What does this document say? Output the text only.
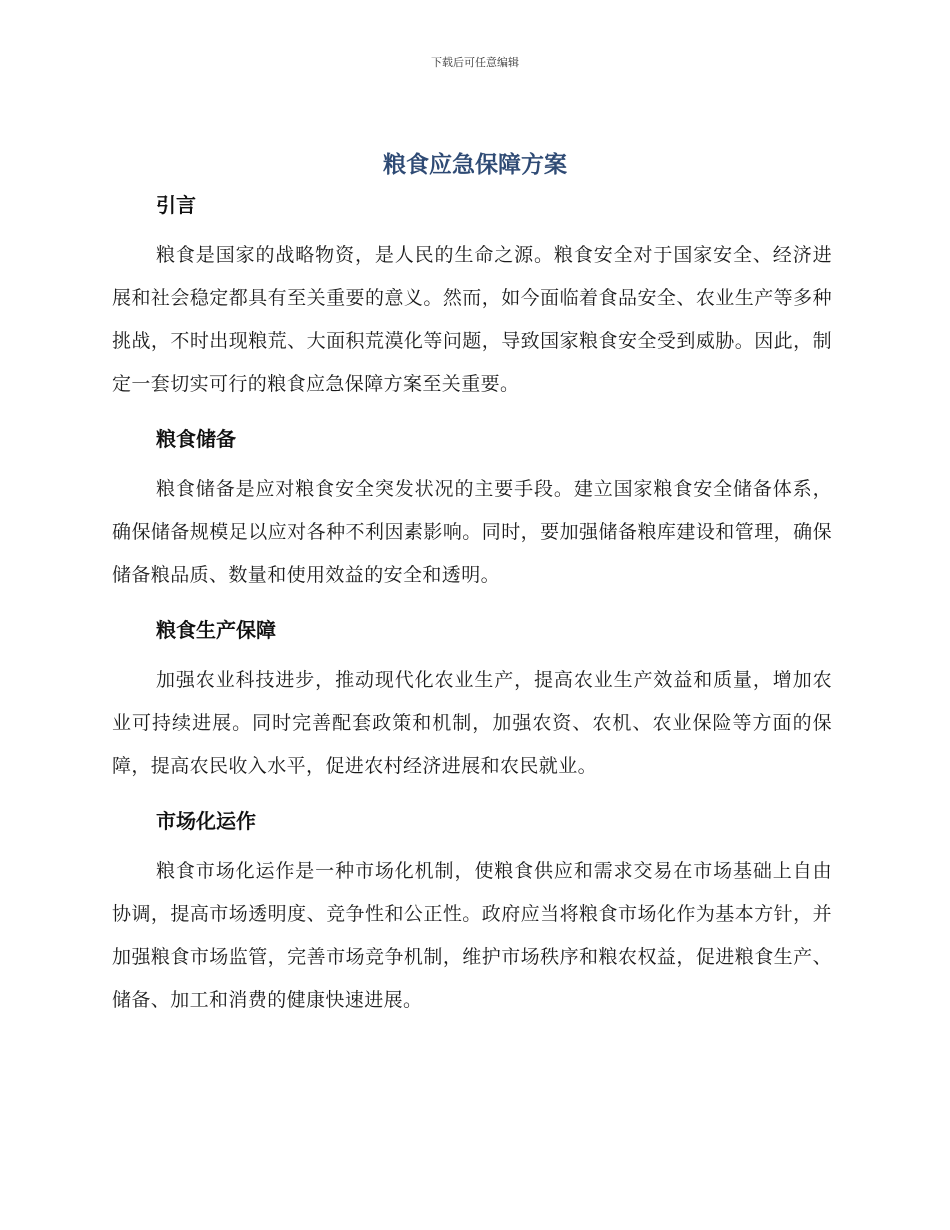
下载后可任意编辑
粮食应急保障方案
引言

粮食是国家的战略物资，是人民的生命之源。粮食安全对于国家安全、经济进展和社会稳定都具有至关重要的意义。然而，如今面临着食品安全、农业生产等多种挑战，不时出现粮荒、大面积荒漠化等问题，导致国家粮食安全受到威胁。因此，制定一套切实可行的粮食应急保障方案至关重要。

粮食储备

粮食储备是应对粮食安全突发状况的主要手段。建立国家粮食安全储备体系，确保储备规模足以应对各种不利因素影响。同时，要加强储备粮库建设和管理，确保储备粮品质、数量和使用效益的安全和透明。

粮食生产保障

加强农业科技进步，推动现代化农业生产，提高农业生产效益和质量，增加农业可持续进展。同时完善配套政策和机制，加强农资、农机、农业保险等方面的保障，提高农民收入水平，促进农村经济进展和农民就业。

市场化运作

粮食市场化运作是一种市场化机制，使粮食供应和需求交易在市场基础上自由协调，提高市场透明度、竞争性和公正性。政府应当将粮食市场化作为基本方针，并加强粮食市场监管，完善市场竞争机制，维护市场秩序和粮农权益，促进粮食生产、储备、加工和消费的健康快速进展。
